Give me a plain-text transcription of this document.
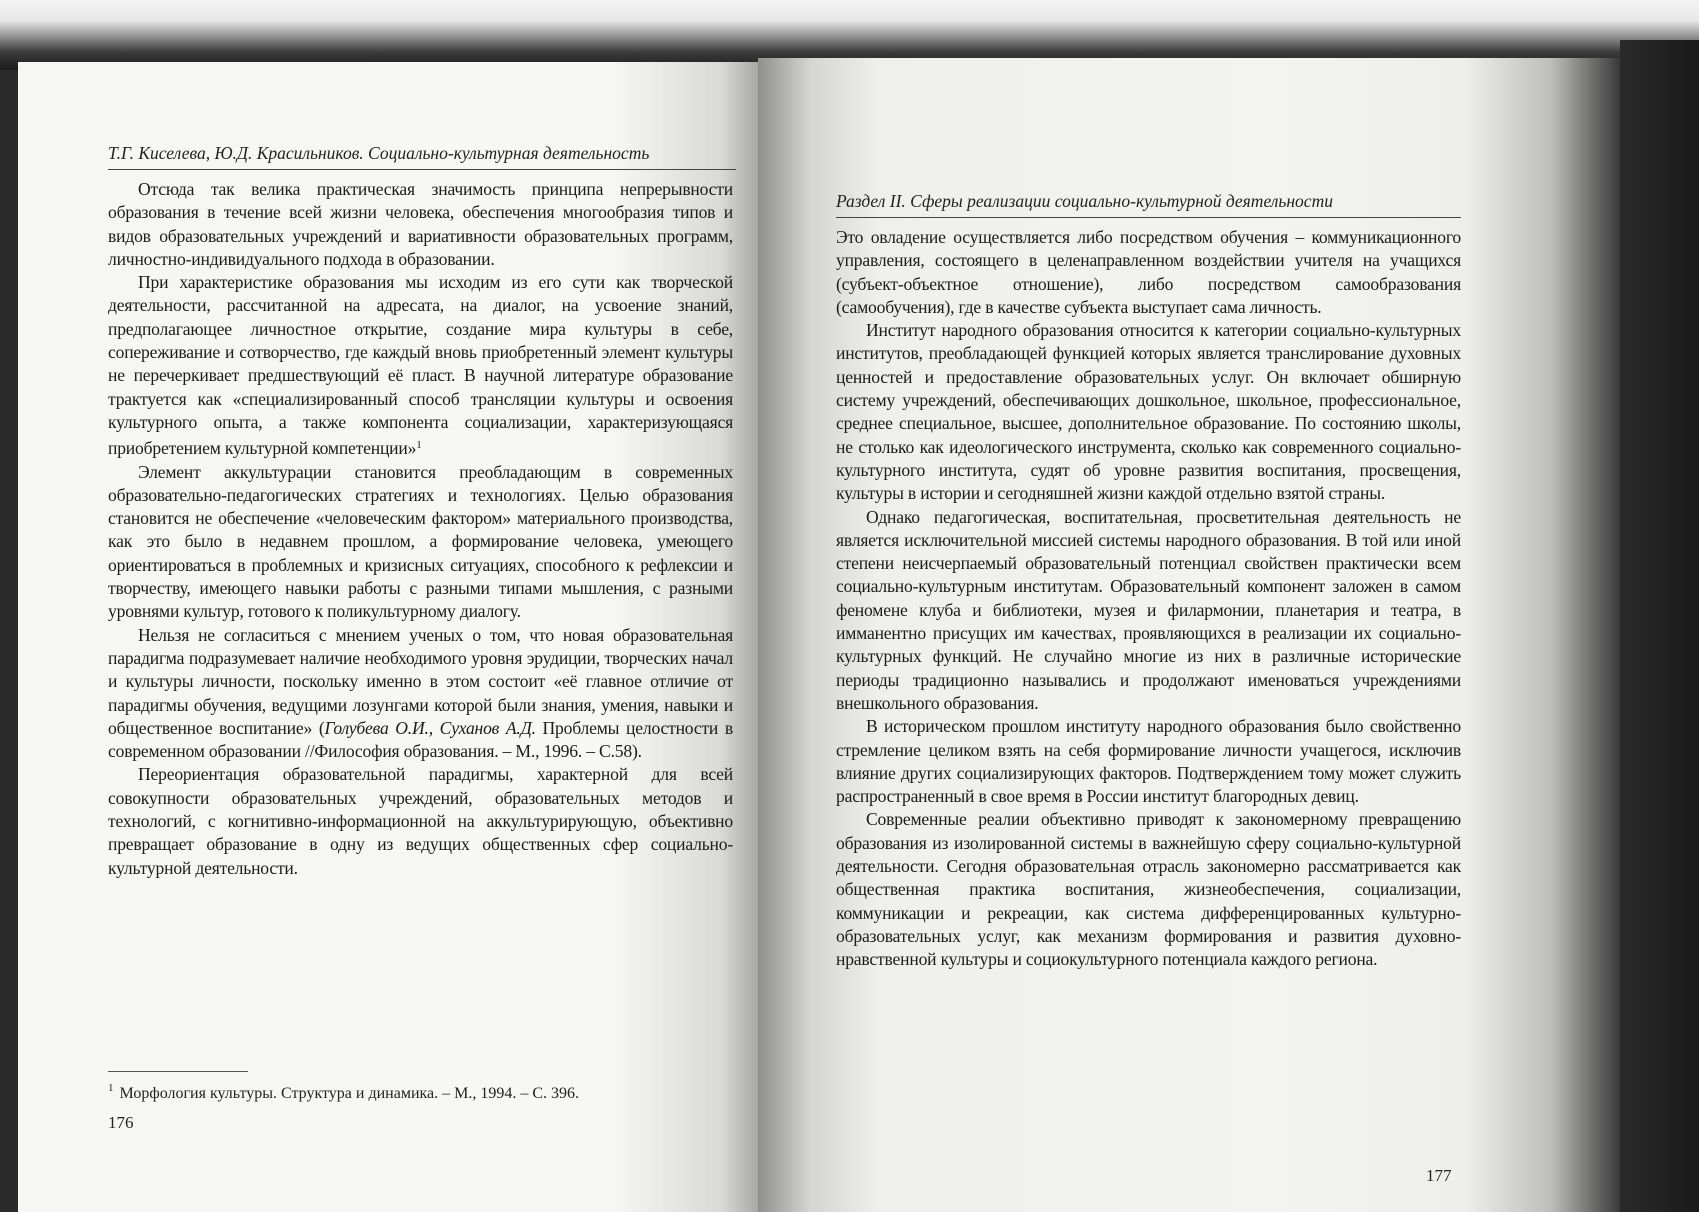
Т.Г. Киселева, Ю.Д. Красильников. Социально-культурная деятельность

Отсюда так велика практическая значимость принципа непрерывности образования в течение всей жизни человека, обеспечения многообразия типов и видов образовательных учреждений и вариативности образовательных программ, личностно-индивидуального подхода в образовании.

При характеристике образования мы исходим из его сути как творческой деятельности, рассчитанной на адресата, на диалог, на усвоение знаний, предполагающее личностное открытие, создание мира культуры в себе, сопереживание и сотворчество, где каждый вновь приобретенный элемент культуры не перечеркивает предшествующий её пласт. В научной литературе образование трактуется как «специализированный способ трансляции культуры и освоения культурного опыта, а также компонента социализации, характеризующаяся приобретением культурной компетенции»$^1$

Элемент аккультурации становится преобладающим в современных образовательно-педагогических стратегиях и технологиях. Целью образования становится не обеспечение «человеческим фактором» материального производства, как это было в недавнем прошлом, а формирование человека, умеющего ориентироваться в проблемных и кризисных ситуациях, способного к рефлексии и творчеству, имеющего навыки работы с разными типами мышления, с разными уровнями культур, готового к поликультурному диалогу.

Нельзя не согласиться с мнением ученых о том, что новая образовательная парадигма подразумевает наличие необходимого уровня эрудиции, творческих начал и культуры личности, поскольку именно в этом состоит «её главное отличие от парадигмы обучения, ведущими лозунгами которой были знания, умения, навыки и общественное воспитание» (Голубева О.И., Суханов А.Д. Проблемы целостности в современном образовании //Философия образования. – М., 1996. – С.58).

Переориентация образовательной парадигмы, характерной для всей совокупности образовательных учреждений, образовательных методов и технологий, с когнитивно-информационной на аккультурирующую, объективно превращает образование в одну из ведущих общественных сфер социально-культурной деятельности.

$^1$ Морфология культуры. Структура и динамика. – М., 1994. – С. 396.
176
Раздел II. Сферы реализации социально-культурной деятельности

Это овладение осуществляется либо посредством обучения – коммуникационного управления, состоящего в целенаправленном воздействии учителя на учащихся (субъект-объектное отношение), либо посредством самообразования (самообучения), где в качестве субъекта выступает сама личность.

Институт народного образования относится к категории социально-культурных институтов, преобладающей функцией которых является транслирование духовных ценностей и предоставление образовательных услуг. Он включает обширную систему учреждений, обеспечивающих дошкольное, школьное, профессиональное, среднее специальное, высшее, дополнительное образование. По состоянию школы, не столько как идеологического инструмента, сколько как современного социально-культурного института, судят об уровне развития воспитания, просвещения, культуры в истории и сегодняшней жизни каждой отдельно взятой страны.

Однако педагогическая, воспитательная, просветительная деятельность не является исключительной миссией системы народного образования. В той или иной степени неисчерпаемый образовательный потенциал свойствен практически всем социально-культурным институтам. Образовательный компонент заложен в самом феномене клуба и библиотеки, музея и филармонии, планетария и театра, в имманентно присущих им качествах, проявляющихся в реализации их социально-культурных функций. Не случайно многие из них в различные исторические периоды традиционно назывались и продолжают именоваться учреждениями внешкольного образования.

В историческом прошлом институту народного образования было свойственно стремление целиком взять на себя формирование личности учащегося, исключив влияние других социализирующих факторов. Подтверждением тому может служить распространенный в свое время в России институт благородных девиц.

Современные реалии объективно приводят к закономерному превращению образования из изолированной системы в важнейшую сферу социально-культурной деятельности. Сегодня образовательная отрасль закономерно рассматривается как общественная практика воспитания, жизнеобеспечения, социализации, коммуникации и рекреации, как система дифференцированных культурно-образовательных услуг, как механизм формирования и развития духовно-нравственной культуры и социокультурного потенциала каждого региона.

177
